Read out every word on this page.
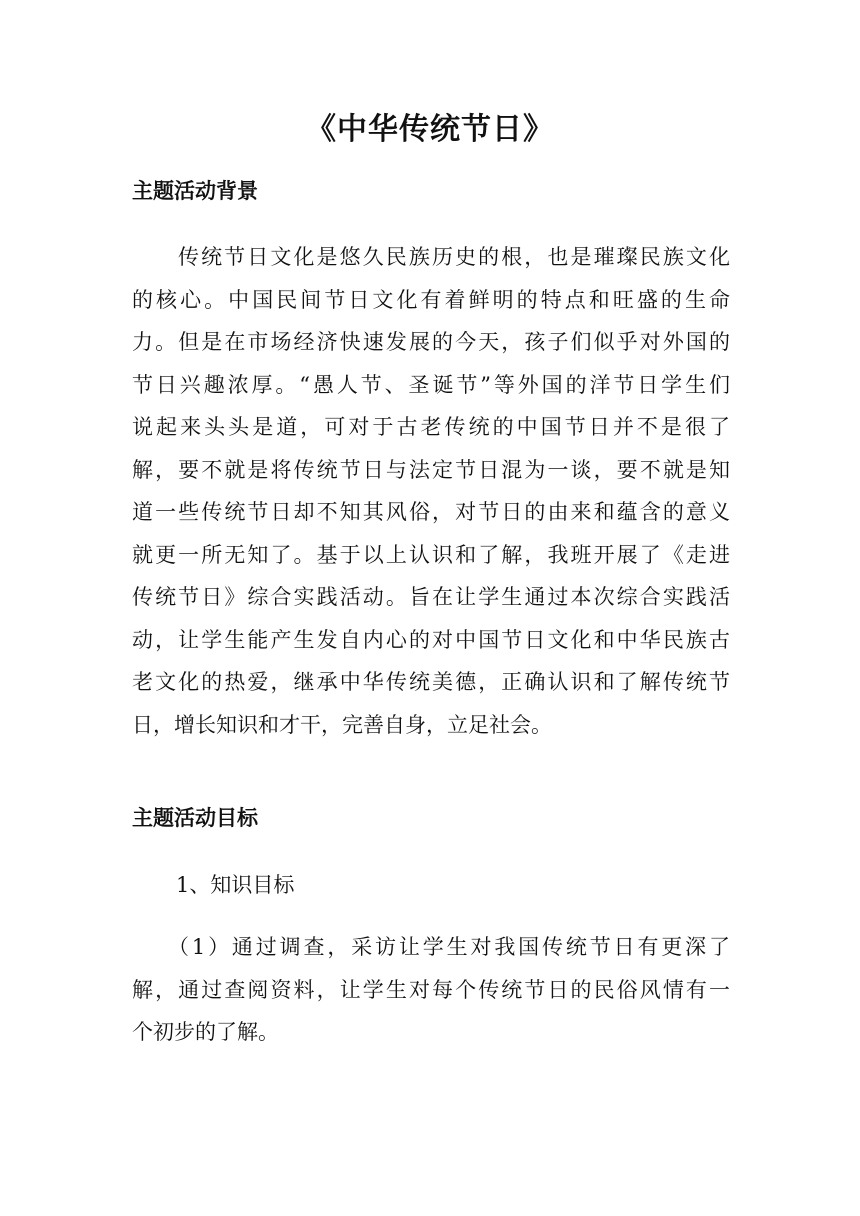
《中华传统节日》
主题活动背景
传统节日文化是悠久民族历史的根，也是璀璨民族文化
的核心。中国民间节日文化有着鲜明的特点和旺盛的生命
力。但是在市场经济快速发展的今天，孩子们似乎对外国的
节日兴趣浓厚。“愚人节、圣诞节”等外国的洋节日学生们
说起来头头是道，可对于古老传统的中国节日并不是很了
解，要不就是将传统节日与法定节日混为一谈，要不就是知
道一些传统节日却不知其风俗，对节日的由来和蕴含的意义
就更一所无知了。基于以上认识和了解，我班开展了《走进
传统节日》综合实践活动。旨在让学生通过本次综合实践活
动，让学生能产生发自内心的对中国节日文化和中华民族古
老文化的热爱，继承中华传统美德，正确认识和了解传统节
日，增长知识和才干，完善自身，立足社会。
主题活动目标
1、知识目标
（1）通过调查，采访让学生对我国传统节日有更深了
解，通过查阅资料，让学生对每个传统节日的民俗风情有一
个初步的了解。
